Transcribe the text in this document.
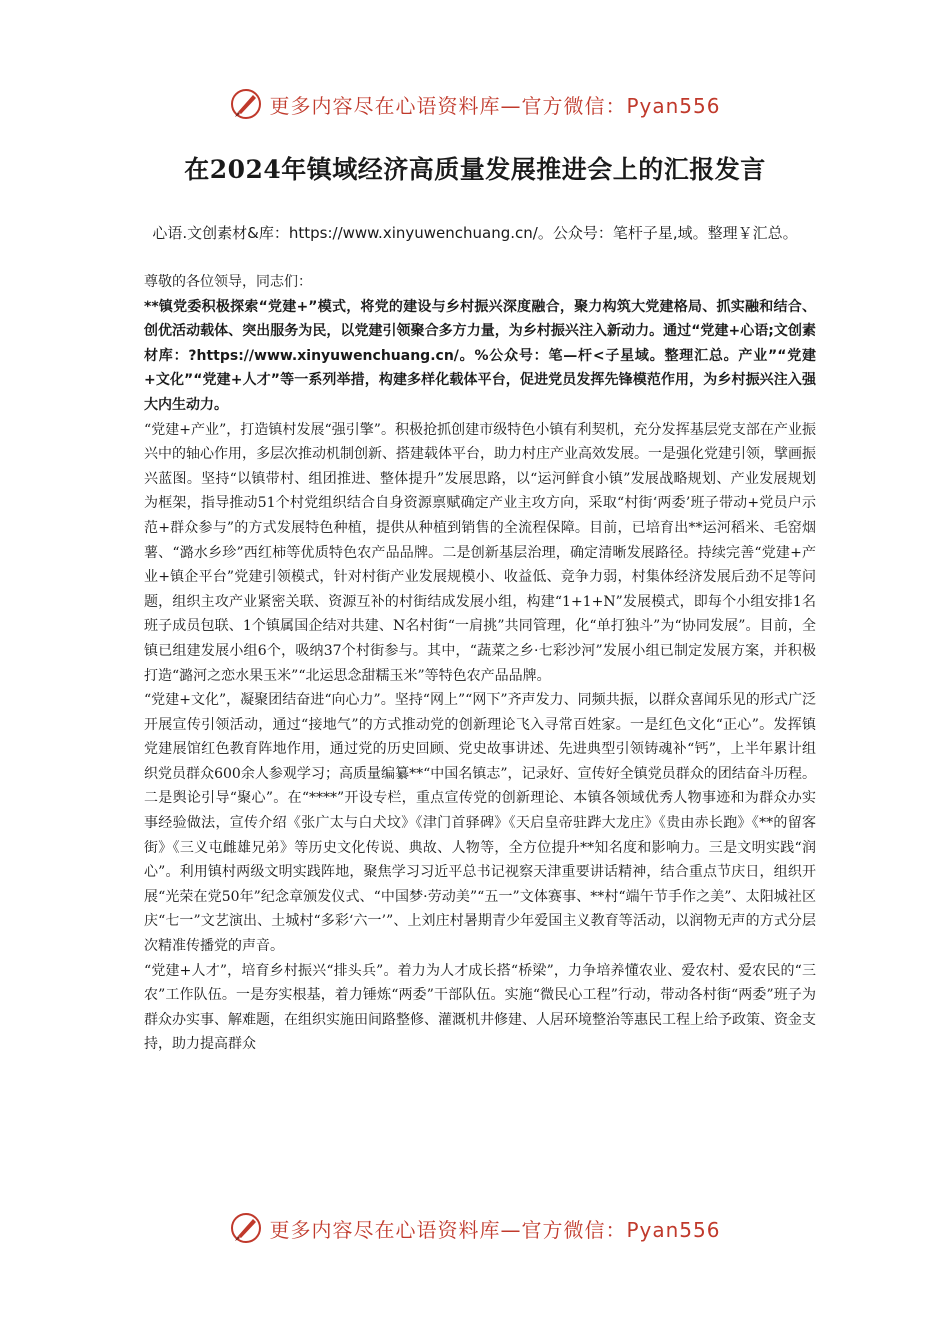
更多内容尽在心语资料库—官方微信：Pyan556
在2024年镇域经济高质量发展推进会上的汇报发言
心语.文创素材&库：https://www.xinyuwenchuang.cn/。公众号：笔杆子星,域。整理￥汇总。

尊敬的各位领导，同志们：

**镇党委积极探索“党建+”模式，将党的建设与乡村振兴深度融合，聚力构筑大党建格局、抓实融和结合、创优活动载体、突出服务为民，以党建引领聚合多方力量，为乡村振兴注入新动力。通过“党建+心语;文创素材库：?https://www.xinyuwenchuang.cn/。%公众号：笔—杆<子星域。整理汇总。产业”“党建+文化”“党建+人才”等一系列举措，构建多样化载体平台，促进党员发挥先锋模范作用，为乡村振兴注入强大内生动力。

“党建+产业”，打造镇村发展“强引擎”。积极抢抓创建市级特色小镇有利契机，充分发挥基层党支部在产业振兴中的轴心作用，多层次推动机制创新、搭建载体平台，助力村庄产业高效发展。一是强化党建引领，擘画振兴蓝图。坚持“以镇带村、组团推进、整体提升”发展思路，以“运河鲜食小镇”发展战略规划、产业发展规划为框架，指导推动51个村党组织结合自身资源禀赋确定产业主攻方向，采取“村街‘两委’班子带动+党员户示范+群众参与”的方式发展特色种植，提供从种植到销售的全流程保障。目前，已培育出**运河稻米、毛窑烟薯、“潞水乡珍”西红柿等优质特色农产品品牌。二是创新基层治理，确定清晰发展路径。持续完善“党建+产业+镇企平台”党建引领模式，针对村街产业发展规模小、收益低、竞争力弱，村集体经济发展后劲不足等问题，组织主攻产业紧密关联、资源互补的村街结成发展小组，构建“1+1+N”发展模式，即每个小组安排1名班子成员包联、1个镇属国企结对共建、N名村街“一肩挑”共同管理，化“单打独斗”为“协同发展”。目前，全镇已组建发展小组6个，吸纳37个村街参与。其中，“蔬菜之乡·七彩沙河”发展小组已制定发展方案，并积极打造“潞河之恋水果玉米”“北运思念甜糯玉米”等特色农产品品牌。

“党建+文化”，凝聚团结奋进“向心力”。坚持“网上”“网下”齐声发力、同频共振，以群众喜闻乐见的形式广泛开展宣传引领活动，通过“接地气”的方式推动党的创新理论飞入寻常百姓家。一是红色文化“正心”。发挥镇党建展馆红色教育阵地作用，通过党的历史回顾、党史故事讲述、先进典型引领铸魂补“钙”，上半年累计组织党员群众600余人参观学习；高质量编纂**“中国名镇志”，记录好、宣传好全镇党员群众的团结奋斗历程。二是舆论引导“聚心”。在“****”开设专栏，重点宣传党的创新理论、本镇各领域优秀人物事迹和为群众办实事经验做法，宣传介绍《张广太与白犬坟》《津门首驿碑》《天启皇帝驻跸大龙庄》《贵由赤长跑》《**的留客街》《三义屯雌雄兄弟》等历史文化传说、典故、人物等，全方位提升**知名度和影响力。三是文明实践“润心”。利用镇村两级文明实践阵地，聚焦学习习近平总书记视察天津重要讲话精神，结合重点节庆日，组织开展“光荣在党50年”纪念章颁发仪式、“中国梦·劳动美”“五一”文体赛事、**村“端午节手作之美”、太阳城社区庆“七一”文艺演出、土城村“多彩‘六一’”、上刘庄村暑期青少年爱国主义教育等活动，以润物无声的方式分层次精准传播党的声音。

“党建+人才”，培育乡村振兴“排头兵”。着力为人才成长搭“桥梁”，力争培养懂农业、爱农村、爱农民的“三农”工作队伍。一是夯实根基，着力锤炼“两委”干部队伍。实施“微民心工程”行动，带动各村街“两委”班子为群众办实事、解难题，在组织实施田间路整修、灌溉机井修建、人居环境整治等惠民工程上给予政策、资金支持，助力提高群众

更多内容尽在心语资料库—官方微信：Pyan556
